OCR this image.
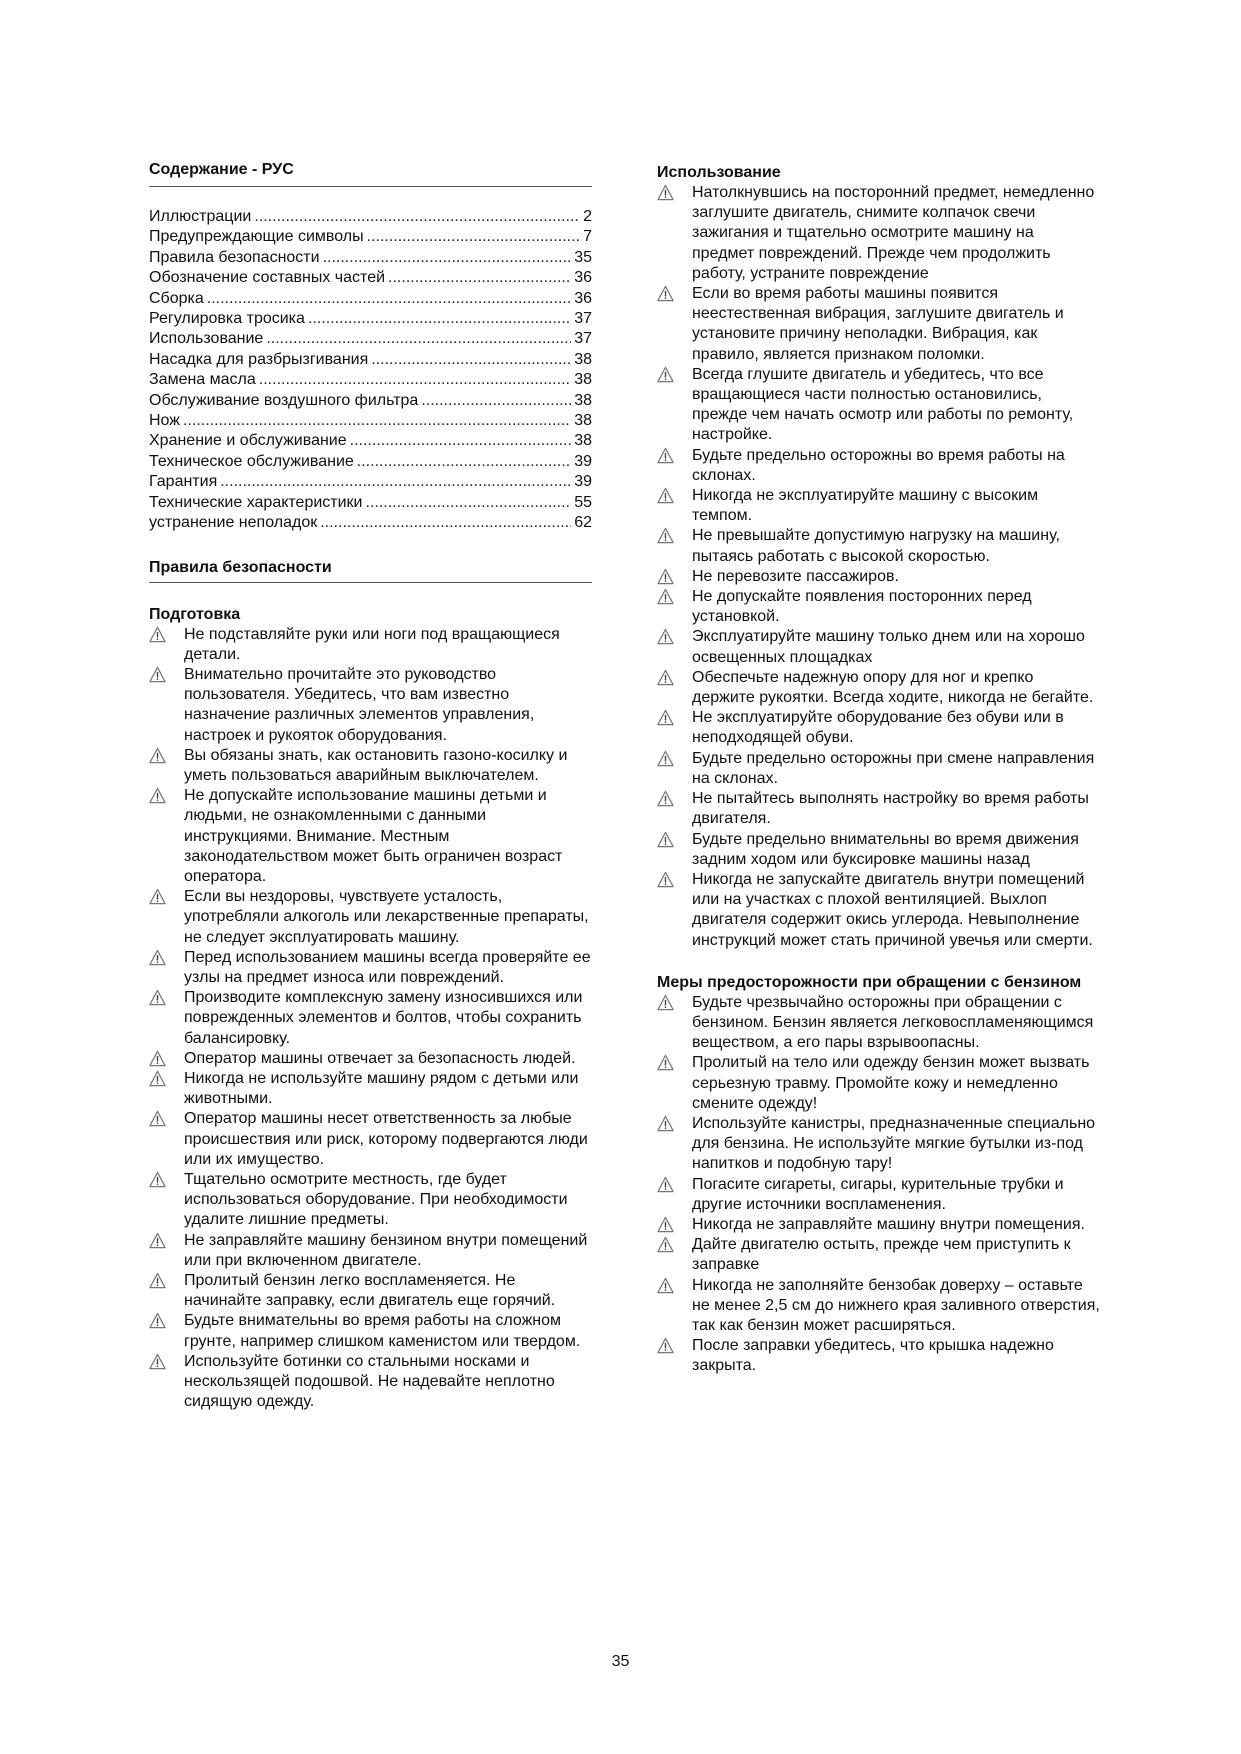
Содержание - РУС
Иллюстрации .....	2
Предупреждающие символы .....	7
Правила безопасности .....	35
Обозначение составных частей .....	36
Сборка .....	36
Регулировка тросика .....	37
Использование .....	37
Насадка для разбрызгивания .....	38
Замена масла .....	38
Обслуживание воздушного фильтра .....	38
Нож .....	38
Хранение и обслуживание .....	38
Техническое обслуживание .....	39
Гарантия .....	39
Технические характеристики .....	55
устранение неполадок .....	62
Правила безопасности
Подготовка
Не подставляйте руки или ноги под вращающиеся детали.
Внимательно прочитайте это руководство пользователя. Убедитесь, что вам известно назначение различных элементов управления, настроек и рукояток оборудования.
Вы обязаны знать, как остановить газоно-косилку и уметь пользоваться аварийным выключателем.
Не допускайте использование машины детьми и людьми, не ознакомленными с данными инструкциями. Внимание. Местным законодательством может быть ограничен возраст оператора.
Если вы нездоровы, чувствуете усталость, употребляли алкоголь или лекарственные препараты, не следует эксплуатировать машину.
Перед использованием машины всегда проверяйте ее узлы на предмет износа или повреждений.
Производите комплексную замену износившихся или поврежденных элементов и болтов, чтобы сохранить балансировку.
Оператор машины отвечает за безопасность людей.
Никогда не используйте машину рядом с детьми или животными.
Оператор машины несет ответственность за любые происшествия или риск, которому подвергаются люди или их имущество.
Тщательно осмотрите местность, где будет использоваться оборудование. При необходимости удалите лишние предметы.
Не заправляйте машину бензином внутри помещений или при включенном двигателе.
Пролитый бензин легко воспламеняется. Не начинайте заправку, если двигатель еще горячий.
Будьте внимательны во время работы на сложном грунте, например слишком каменистом или твердом.
Используйте ботинки со стальными носками и нескользящей подошвой. Не надевайте неплотно сидящую одежду.
Использование
Натолкнувшись на посторонний предмет, немедленно заглушите двигатель, снимите колпачок свечи зажигания и тщательно осмотрите машину на предмет повреждений. Прежде чем продолжить работу, устраните повреждение
Если во время работы машины появится неестественная вибрация, заглушите двигатель и установите причину неполадки. Вибрация, как правило, является признаком поломки.
Всегда глушите двигатель и убедитесь, что все вращающиеся части полностью остановились, прежде чем начать осмотр или работы по ремонту, настройке.
Будьте предельно осторожны во время работы на склонах.
Никогда не эксплуатируйте машину с высоким темпом.
Не превышайте допустимую нагрузку на машину, пытаясь работать с высокой скоростью.
Не перевозите пассажиров.
Не допускайте появления посторонних перед установкой.
Эксплуатируйте машину только днем или на хорошо освещенных площадках
Обеспечьте надежную опору для ног и крепко держите рукоятки. Всегда ходите, никогда не бегайте.
Не эксплуатируйте оборудование без обуви или в неподходящей обуви.
Будьте предельно осторожны при смене направления на склонах.
Не пытайтесь выполнять настройку во время работы двигателя.
Будьте предельно внимательны во время движения задним ходом или буксировке машины назад
Никогда не запускайте двигатель внутри помещений или на участках с плохой вентиляцией. Выхлоп двигателя содержит окись углерода. Невыполнение инструкций может стать причиной увечья или смерти.
Меры предосторожности при обращении с бензином
Будьте чрезвычайно осторожны при обращении с бензином. Бензин является легковоспламеняющимся веществом, а его пары взрывоопасны.
Пролитый на тело или одежду бензин может вызвать серьезную травму. Промойте кожу и немедленно смените одежду!
Используйте канистры, предназначенные специально для бензина. Не используйте мягкие бутылки из-под напитков и подобную тару!
Погасите сигареты, сигары, курительные трубки и другие источники воспламенения.
Никогда не заправляйте машину внутри помещения.
Дайте двигателю остыть, прежде чем приступить к заправке
Никогда не заполняйте бензобак доверху – оставьте не менее 2,5 см до нижнего края заливного отверстия, так как бензин может расширяться.
После заправки убедитесь, что крышка надежно закрыта.
35
